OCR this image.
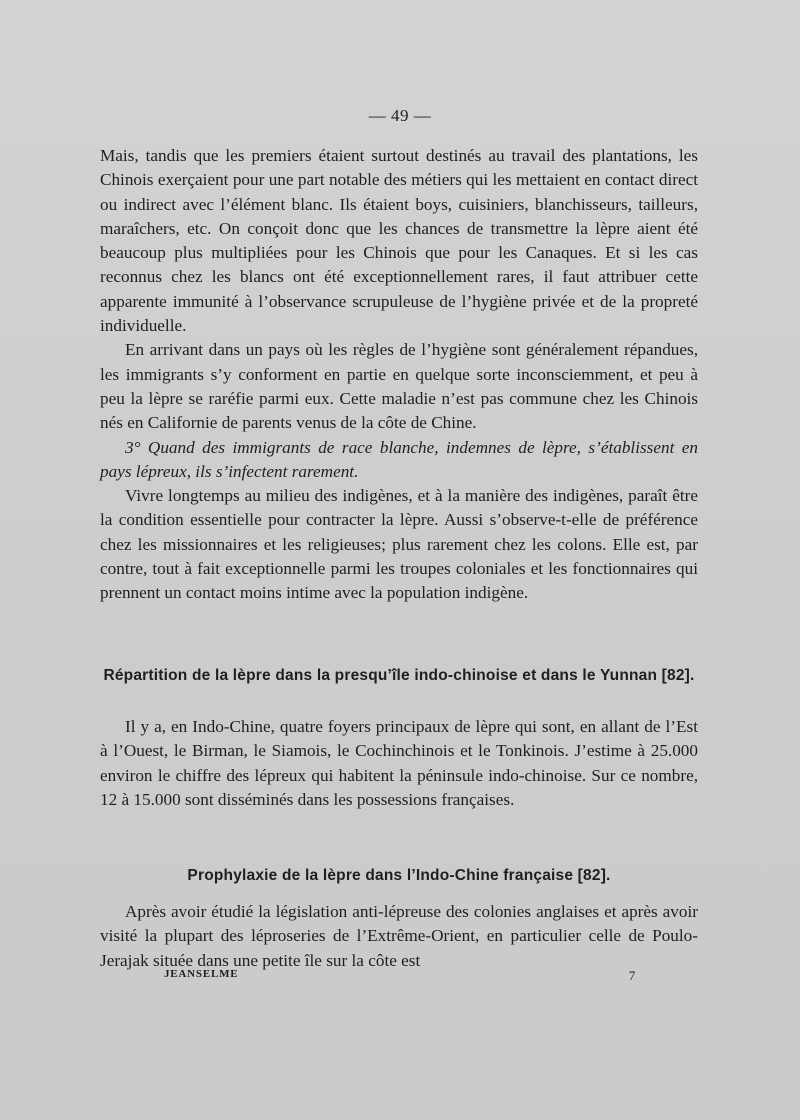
— 49 —

Mais, tandis que les premiers étaient surtout destinés au travail des plantations, les Chinois exerçaient pour une part notable des métiers qui les mettaient en contact direct ou indirect avec l’élément blanc. Ils étaient boys, cuisiniers, blanchisseurs, tailleurs, maraîchers, etc. On conçoit donc que les chances de transmettre la lèpre aient été beaucoup plus multipliées pour les Chinois que pour les Canaques. Et si les cas reconnus chez les blancs ont été exceptionnellement rares, il faut attribuer cette apparente immunité à l’observance scrupuleuse de l’hygiène privée et de la propreté individuelle.

En arrivant dans un pays où les règles de l’hygiène sont généralement répandues, les immigrants s’y conforment en partie en quelque sorte inconsciemment, et peu à peu la lèpre se raréfie parmi eux. Cette maladie n’est pas commune chez les Chinois nés en Californie de parents venus de la côte de Chine.

3° Quand des immigrants de race blanche, indemnes de lèpre, s’établissent en pays lépreux, ils s’infectent rarement.

Vivre longtemps au milieu des indigènes, et à la manière des indigènes, paraît être la condition essentielle pour contracter la lèpre. Aussi s’observe-t-elle de préférence chez les missionnaires et les religieuses; plus rarement chez les colons. Elle est, par contre, tout à fait exceptionnelle parmi les troupes coloniales et les fonctionnaires qui prennent un contact moins intime avec la population indigène.

Répartition de la lèpre dans la presqu’île indo-chinoise et dans le Yunnan [82].

Il y a, en Indo-Chine, quatre foyers principaux de lèpre qui sont, en allant de l’Est à l’Ouest, le Birman, le Siamois, le Cochinchinois et le Tonkinois. J’estime à 25.000 environ le chiffre des lépreux qui habitent la péninsule indo-chinoise. Sur ce nombre, 12 à 15.000 sont disséminés dans les possessions françaises.

Prophylaxie de la lèpre dans l’Indo-Chine française [82].

Après avoir étudié la législation anti-lépreuse des colonies anglaises et après avoir visité la plupart des léproseries de l’Extrême-Orient, en particulier celle de Poulo-Jerajak située dans une petite île sur la côte est

JEANSELME	7
